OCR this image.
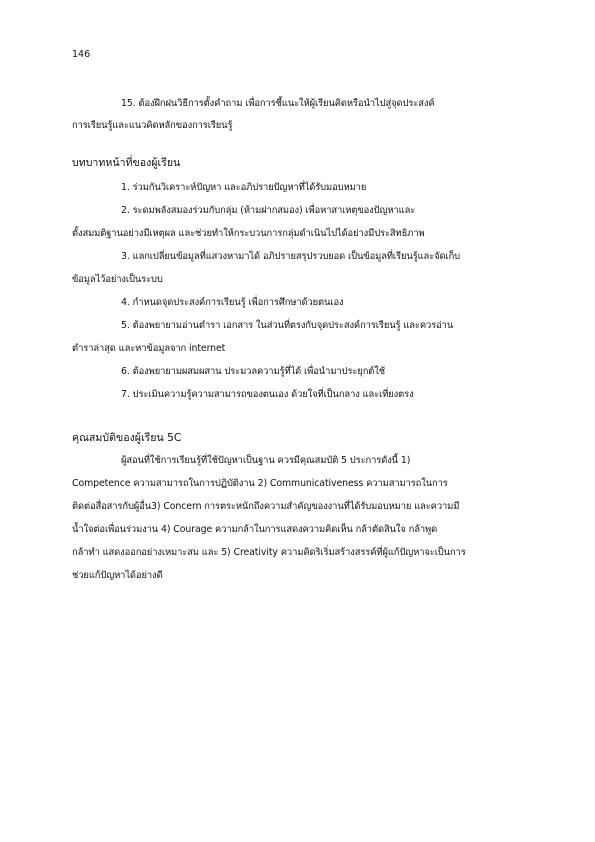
146
15. ต้องฝึกฝนวิธีการตั้งคำถาม เพื่อการชี้แนะให้ผู้เรียนคิดหรือนำไปสู่จุดประสงค์
การเรียนรู้และแนวคิดหลักของการเรียนรู้
บทบาทหน้าที่ของผู้เรียน
1. ร่วมกันวิเคราะห์ปัญหา และอภิปรายปัญหาที่ได้รับมอบหมาย
2. ระดมพลังสมองร่วมกับกลุ่ม (ห้ามฝากสมอง) เพื่อหาสาเหตุของปัญหาและ
ตั้งสมมติฐานอย่างมีเหตุผล และช่วยทำให้กระบวนการกลุ่มดำเนินไปได้อย่างมีประสิทธิภาพ
3. แลกเปลี่ยนข้อมูลที่แสวงหามาได้ อภิปรายสรุปรวบยอด เป็นข้อมูลที่เรียนรู้และจัดเก็บ
ข้อมูลไว้อย่างเป็นระบบ
4. กำหนดจุดประสงค์การเรียนรู้ เพื่อการศึกษาด้วยตนเอง
5. ต้องพยายามอ่านตำรา เอกสาร ในส่วนที่ตรงกับจุดประสงค์การเรียนรู้ และควรอ่าน
ตำราล่าสุด และหาข้อมูลจาก internet
6. ต้องพยายามผสมผสาน ประมวลความรู้ที่ได้ เพื่อนำมาประยุกต์ใช้
7. ประเมินความรู้ความสามารถของตนเอง ด้วยใจที่เป็นกลาง และเที่ยงตรง
คุณสมบัติของผู้เรียน 5C
ผู้สอนที่ใช้การเรียนรู้ที่ใช้ปัญหาเป็นฐาน ควรมีคุณสมบัติ 5 ประการดังนี้ 1)
Competence ความสามารถในการปฏิบัติงาน 2) Communicativeness ความสามารถในการ
ติดต่อสื่อสารกับผู้อื่น3) Concern การตระหนักถึงความสำคัญของงานที่ได้รับมอบหมาย และความมี
น้ำใจต่อเพื่อนร่วมงาน 4) Courage ความกล้าในการแสดงความคิดเห็น กล้าตัดสินใจ กล้าพูด
กล้าทำ แสดงออกอย่างเหมาะสม และ 5) Creativity ความคิดริเริ่มสร้างสรรค์ที่ผู้แก้ปัญหาจะเป็นการ
ช่วยแก้ปัญหาได้อย่างดี
